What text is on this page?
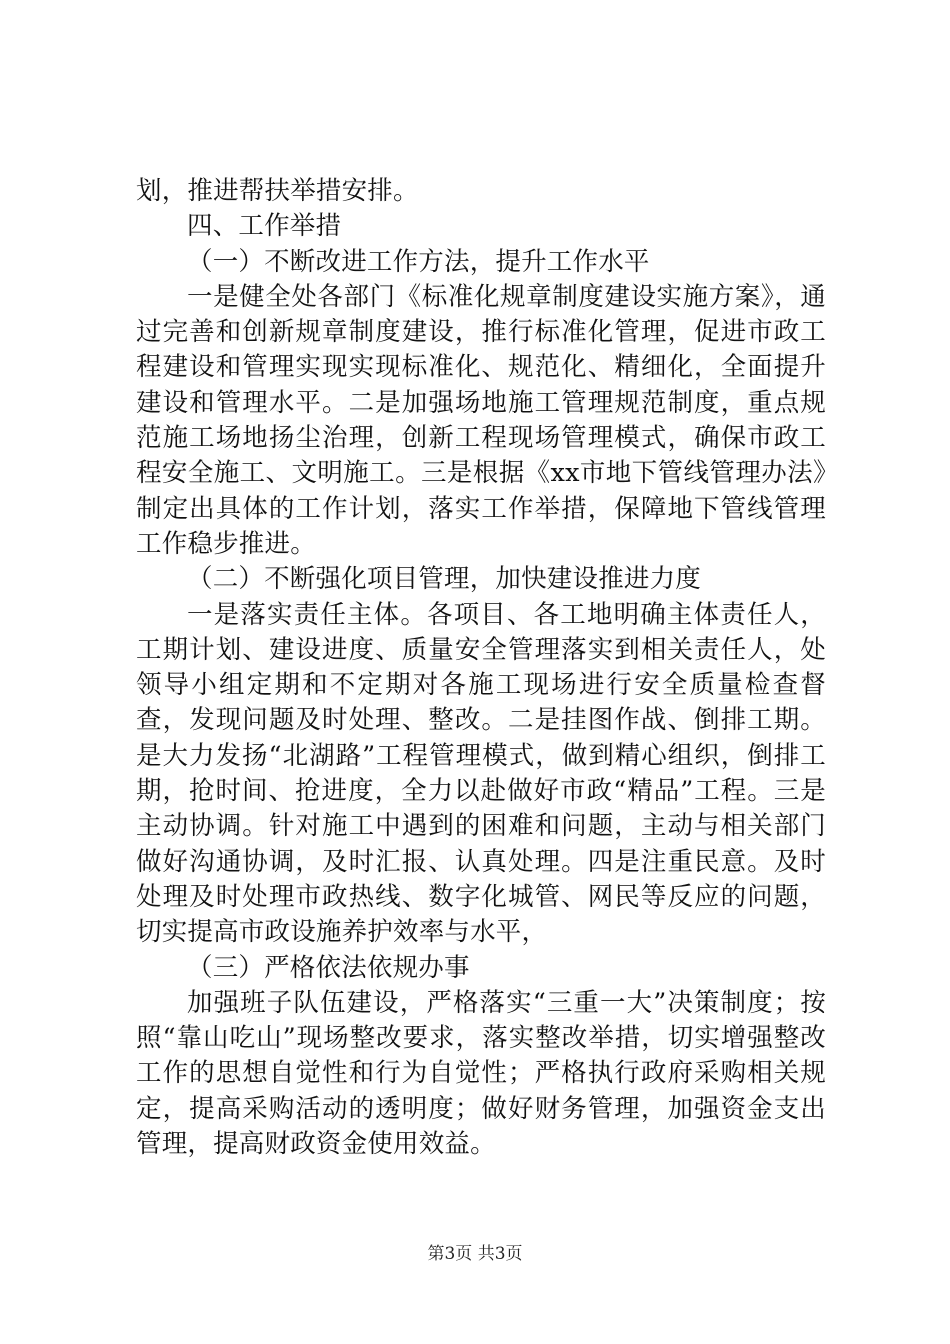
划，推进帮扶举措安排。

四、工作举措

（一）不断改进工作方法，提升工作水平

一是健全处各部门《标准化规章制度建设实施方案》，通过完善和创新规章制度建设，推行标准化管理，促进市政工程建设和管理实现实现标准化、规范化、精细化，全面提升建设和管理水平。二是加强场地施工管理规范制度，重点规范施工场地扬尘治理，创新工程现场管理模式，确保市政工程安全施工、文明施工。三是根据《xx市地下管线管理办法》制定出具体的工作计划，落实工作举措，保障地下管线管理工作稳步推进。

（二）不断强化项目管理，加快建设推进力度

一是落实责任主体。各项目、各工地明确主体责任人，工期计划、建设进度、质量安全管理落实到相关责任人，处领导小组定期和不定期对各施工现场进行安全质量检查督查，发现问题及时处理、整改。二是挂图作战、倒排工期。是大力发扬“北湖路”工程管理模式，做到精心组织，倒排工期，抢时间、抢进度，全力以赴做好市政“精品”工程。三是主动协调。针对施工中遇到的困难和问题，主动与相关部门做好沟通协调，及时汇报、认真处理。四是注重民意。及时处理及时处理市政热线、数字化城管、网民等反应的问题，切实提高市政设施养护效率与水平，

（三）严格依法依规办事

加强班子队伍建设，严格落实“三重一大”决策制度；按照“靠山吃山”现场整改要求，落实整改举措，切实增强整改工作的思想自觉性和行为自觉性；严格执行政府采购相关规定，提高采购活动的透明度；做好财务管理，加强资金支出管理，提高财政资金使用效益。

第3页 共3页
